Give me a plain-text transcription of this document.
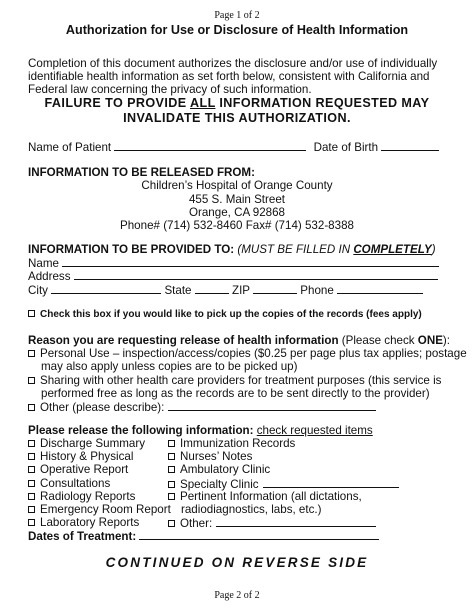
Page 1 of 2
Authorization for Use or Disclosure of Health Information
Completion of this document authorizes the disclosure and/or use of individually
identifiable health information as set forth below, consistent with California and
Federal law concerning the privacy of such information.
FAILURE TO PROVIDE ALL INFORMATION REQUESTED MAY
INVALIDATE THIS AUTHORIZATION.
Name of Patient	Date of Birth
INFORMATION TO BE RELEASED FROM:
Children’s Hospital of Orange County
455 S. Main Street
Orange, CA 92868
Phone# (714) 532-8460 Fax# (714) 532-8388
INFORMATION TO BE PROVIDED TO: (MUST BE FILLED IN COMPLETELY)
Name
Address
City	State	ZIP	Phone
Check this box if you would like to pick up the copies of the records (fees apply)
Reason you are requesting release of health information (Please check ONE):
Personal Use – inspection/access/copies ($0.25 per page plus tax applies; postage
may also apply unless copies are to be picked up)
Sharing with other health care providers for treatment purposes (this service is
performed free as long as the records are to be sent directly to the provider)
Other (please describe):
Please release the following information: check requested items
Discharge Summary
History & Physical
Operative Report
Consultations
Radiology Reports
Emergency Room Report
Laboratory Reports
Immunization Records
Nurses’ Notes
Ambulatory Clinic
Specialty Clinic
Pertinent Information (all dictations,
radiodiagnostics, labs, etc.)
Other:
Dates of Treatment:
CONTINUED ON REVERSE SIDE
Page 2 of 2
